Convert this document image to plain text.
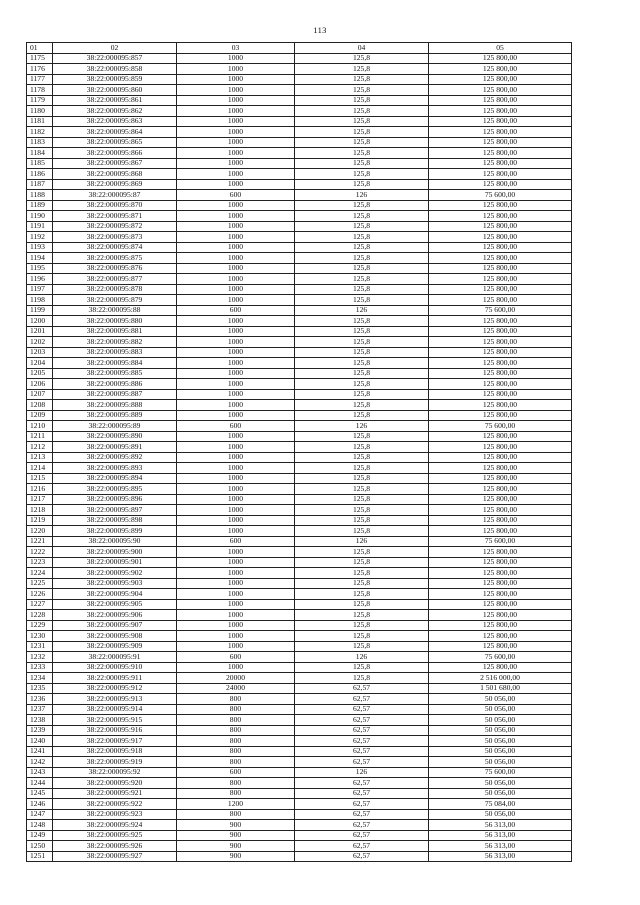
113
01	02	03	04	05
1175	38:22:000095:857	1000	125,8	125 800,00
1176	38:22:000095:858	1000	125,8	125 800,00
1177	38:22:000095:859	1000	125,8	125 800,00
1178	38:22:000095:860	1000	125,8	125 800,00
1179	38:22:000095:861	1000	125,8	125 800,00
1180	38:22:000095:862	1000	125,8	125 800,00
1181	38:22:000095:863	1000	125,8	125 800,00
1182	38:22:000095:864	1000	125,8	125 800,00
1183	38:22:000095:865	1000	125,8	125 800,00
1184	38:22:000095:866	1000	125,8	125 800,00
1185	38:22:000095:867	1000	125,8	125 800,00
1186	38:22:000095:868	1000	125,8	125 800,00
1187	38:22:000095:869	1000	125,8	125 800,00
1188	38:22:000095:87	600	126	75 600,00
1189	38:22:000095:870	1000	125,8	125 800,00
1190	38:22:000095:871	1000	125,8	125 800,00
1191	38:22:000095:872	1000	125,8	125 800,00
1192	38:22:000095:873	1000	125,8	125 800,00
1193	38:22:000095:874	1000	125,8	125 800,00
1194	38:22:000095:875	1000	125,8	125 800,00
1195	38:22:000095:876	1000	125,8	125 800,00
1196	38:22:000095:877	1000	125,8	125 800,00
1197	38:22:000095:878	1000	125,8	125 800,00
1198	38:22:000095:879	1000	125,8	125 800,00
1199	38:22:000095:88	600	126	75 600,00
1200	38:22:000095:880	1000	125,8	125 800,00
1201	38:22:000095:881	1000	125,8	125 800,00
1202	38:22:000095:882	1000	125,8	125 800,00
1203	38:22:000095:883	1000	125,8	125 800,00
1204	38:22:000095:884	1000	125,8	125 800,00
1205	38:22:000095:885	1000	125,8	125 800,00
1206	38:22:000095:886	1000	125,8	125 800,00
1207	38:22:000095:887	1000	125,8	125 800,00
1208	38:22:000095:888	1000	125,8	125 800,00
1209	38:22:000095:889	1000	125,8	125 800,00
1210	38:22:000095:89	600	126	75 600,00
1211	38:22:000095:890	1000	125,8	125 800,00
1212	38:22:000095:891	1000	125,8	125 800,00
1213	38:22:000095:892	1000	125,8	125 800,00
1214	38:22:000095:893	1000	125,8	125 800,00
1215	38:22:000095:894	1000	125,8	125 800,00
1216	38:22:000095:895	1000	125,8	125 800,00
1217	38:22:000095:896	1000	125,8	125 800,00
1218	38:22:000095:897	1000	125,8	125 800,00
1219	38:22:000095:898	1000	125,8	125 800,00
1220	38:22:000095:899	1000	125,8	125 800,00
1221	38:22:000095:90	600	126	75 600,00
1222	38:22:000095:900	1000	125,8	125 800,00
1223	38:22:000095:901	1000	125,8	125 800,00
1224	38:22:000095:902	1000	125,8	125 800,00
1225	38:22:000095:903	1000	125,8	125 800,00
1226	38:22:000095:904	1000	125,8	125 800,00
1227	38:22:000095:905	1000	125,8	125 800,00
1228	38:22:000095:906	1000	125,8	125 800,00
1229	38:22:000095:907	1000	125,8	125 800,00
1230	38:22:000095:908	1000	125,8	125 800,00
1231	38:22:000095:909	1000	125,8	125 800,00
1232	38:22:000095:91	600	126	75 600,00
1233	38:22:000095:910	1000	125,8	125 800,00
1234	38:22:000095:911	20000	125,8	2 516 000,00
1235	38:22:000095:912	24000	62,57	1 501 680,00
1236	38:22:000095:913	800	62,57	50 056,00
1237	38:22:000095:914	800	62,57	50 056,00
1238	38:22:000095:915	800	62,57	50 056,00
1239	38:22:000095:916	800	62,57	50 056,00
1240	38:22:000095:917	800	62,57	50 056,00
1241	38:22:000095:918	800	62,57	50 056,00
1242	38:22:000095:919	800	62,57	50 056,00
1243	38:22:000095:92	600	126	75 600,00
1244	38:22:000095:920	800	62,57	50 056,00
1245	38:22:000095:921	800	62,57	50 056,00
1246	38:22:000095:922	1200	62,57	75 084,00
1247	38:22:000095:923	800	62,57	50 056,00
1248	38:22:000095:924	900	62,57	56 313,00
1249	38:22:000095:925	900	62,57	56 313,00
1250	38:22:000095:926	900	62,57	56 313,00
1251	38:22:000095:927	900	62,57	56 313,00
